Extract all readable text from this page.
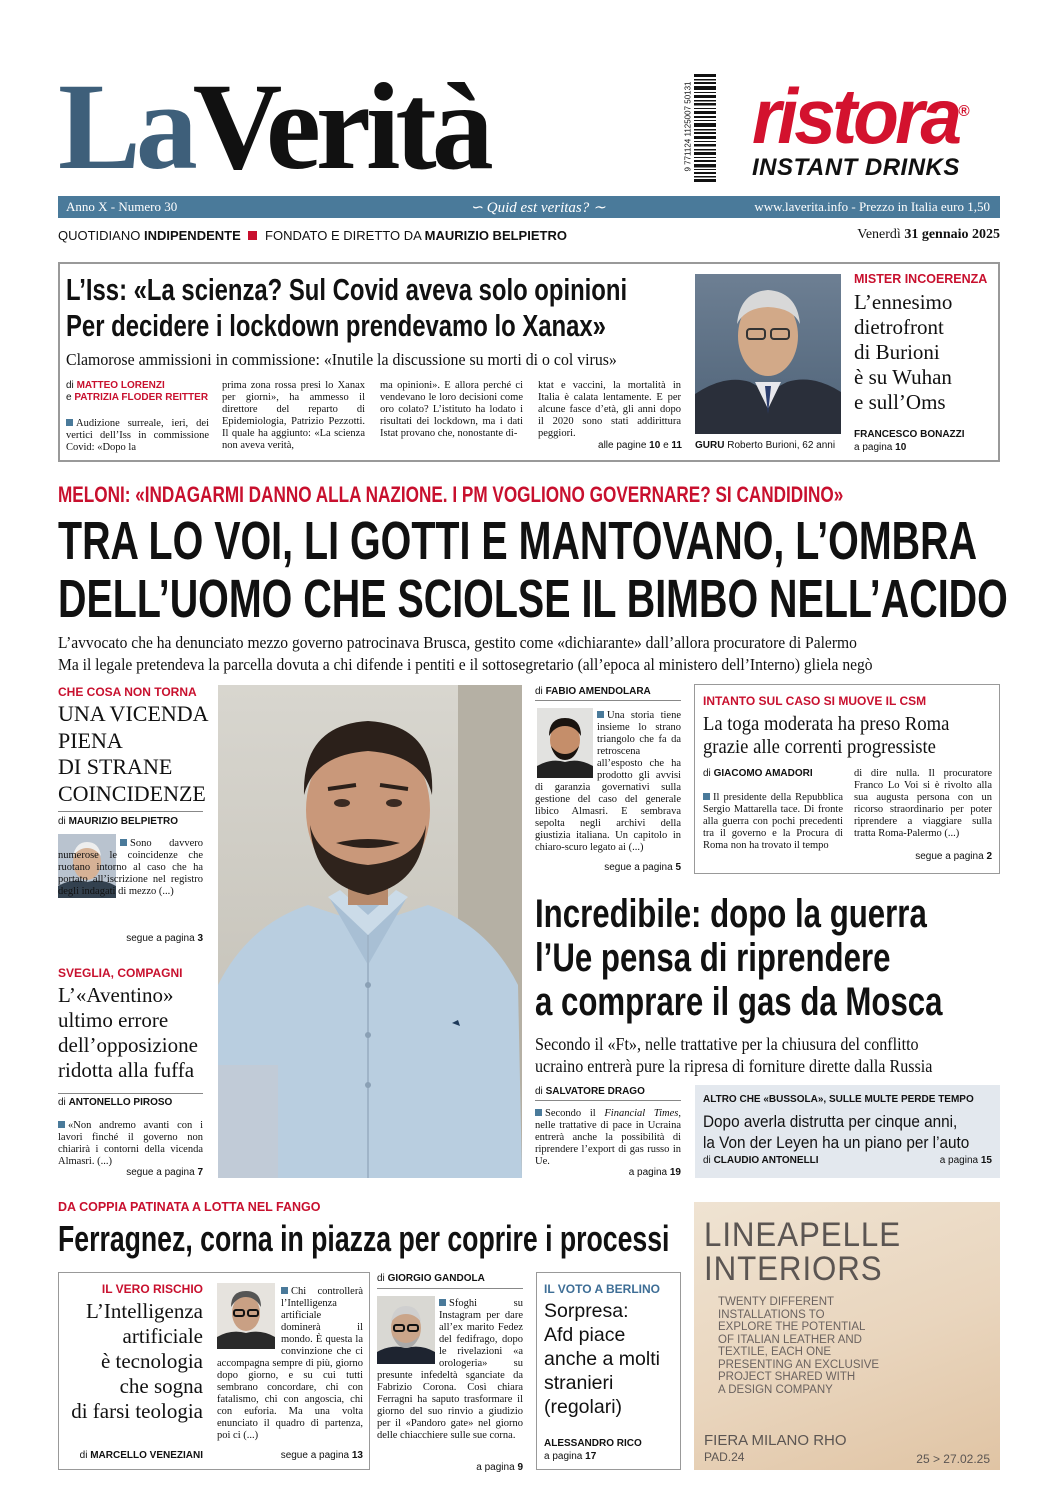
LaVerità	9 771124 1125007 50131 ristora®
INSTANT DRINKS
Anno X - Numero 30	∽ Quid est veritas? ∼	www.laverita.info - Prezzo in Italia euro 1,50
QUOTIDIANO INDIPENDENTE FONDATO E DIRETTO DA MAURIZIO BELPIETRO	Venerdì 31 gennaio 2025
L’Iss: «La scienza? Sul Covid aveva solo opinioni
Per decidere i lockdown prendevamo lo Xanax»
Clamorose ammissioni in commissione: «Inutile la discussione su morti di o col virus»
di MATTEO LORENZI
e PATRIZIA FLODER REITTER
Audizione surreale, ieri, dei vertici dell’Iss in commissione Covid: «Dopo la
prima zona rossa presi lo Xanax per giorni», ha ammesso il direttore del reparto di Epidemiologia, Patrizio Pezzotti. Il quale ha aggiunto: «La scienza non aveva verità,
ma opinioni». E allora perché ci vendevano le loro decisioni come oro colato? L’istituto ha lodato i risultati dei lockdown, ma i dati Istat provano che, nonostante di-
ktat e vaccini, la mortalità in Italia è calata lentamente. E per alcune fasce d’età, gli anni dopo il 2020 sono stati addirittura peggiori.
alle pagine 10 e 11 GURU Roberto Burioni, 62 anni
MISTER INCOERENZA
L’ennesimo
dietrofront
di Burioni
è su Wuhan
e sull’Oms
FRANCESCO BONAZZI
a pagina 10
MELONI: «INDAGARMI DANNO ALLA NAZIONE. I PM VOGLIONO GOVERNARE? SI CANDIDINO»
TRA LO VOI, LI GOTTI E MANTOVANO, L’OMBRA
DELL’UOMO CHE SCIOLSE IL BIMBO NELL’ACIDO
L’avvocato che ha denunciato mezzo governo patrocinava Brusca, gestito come «dichiarante» dall’allora procuratore di Palermo
Ma il legale pretendeva la parcella dovuta a chi difende i pentiti e il sottosegretario (all’epoca al ministero dell’Interno) gliela negò
CHE COSA NON TORNA
UNA VICENDA
PIENA
DI STRANE
COINCIDENZE
di MAURIZIO BELPIETRO
Sono davvero numerose le coincidenze che ruotano intorno al caso che ha portato all’iscrizione nel registro degli indagati di mezzo (...)
segue a pagina 3
SVEGLIA, COMPAGNI
L’«Aventino»
ultimo errore
dell’opposizione
ridotta alla fuffa
di ANTONELLO PIROSO
«Non andremo avanti con i lavori finché il governo non chiarirà i contorni della vicenda Almasri. (...)
segue a pagina 7
di FABIO AMENDOLARA
Una storia tiene insieme lo strano triangolo che fa da retroscena all’esposto che ha prodotto gli avvisi di garanzia governativi sulla gestione del caso del generale libico Almasri. E sembrava sepolta negli archivi della giustizia italiana. Un capitolo in chiaro-scuro legato ai (...)
segue a pagina 5
INTANTO SUL CASO SI MUOVE IL CSM
La toga moderata ha preso Roma
grazie alle correnti progressiste
di GIACOMO AMADORI
Il presidente della Repubblica Sergio Mattarella tace. Di fronte alla guerra con pochi precedenti tra il governo e la Procura di Roma non ha trovato il tempo
di dire nulla. Il procuratore Franco Lo Voi si è rivolto alla sua augusta persona con un ricorso straordinario per poter riprendere a viaggiare sulla tratta Roma-Palermo (...)
segue a pagina 2
Incredibile: dopo la guerra
l’Ue pensa di riprendere
a comprare il gas da Mosca
Secondo il «Ft», nelle trattative per la chiusura del conflitto
ucraino entrerà pure la ripresa di forniture dirette dalla Russia
di SALVATORE DRAGO
Secondo il Financial Times, nelle trattative di pace in Ucraina entrerà anche la possibilità di riprendere l’export di gas russo in Ue.
a pagina 19
ALTRO CHE «BUSSOLA», SULLE MULTE PERDE TEMPO
Dopo averla distrutta per cinque anni,
la Von der Leyen ha un piano per l’auto
di CLAUDIO ANTONELLI	a pagina 15
DA COPPIA PATINATA A LOTTA NEL FANGO
Ferragnez, corna in piazza per coprire i processi
IL VERO RISCHIO
L’Intelligenza
artificiale
è tecnologia
che sogna
di farsi teologia
di MARCELLO VENEZIANI
Chi controllerà l’Intelligenza artificiale dominerà il mondo. È questa la convinzione che ci accompagna sempre di più, giorno dopo giorno, e su cui tutti sembrano concordare, chi con fatalismo, chi con angoscia, chi con euforia. Ma una volta enunciato il quadro di partenza, poi ci (...)
segue a pagina 13
di GIORGIO GANDOLA
Sfoghi su Instagram per dare all’ex marito Fedez del fedifrago, dopo le rivelazioni «a orologeria» su presunte infedeltà sganciate da Fabrizio Corona. Così chiara Ferragni ha saputo trasformare il giorno del suo rinvio a giudizio per il «Pandoro gate» nel giorno delle chiacchiere sulle sue corna.
a pagina 9
IL VOTO A BERLINO
Sorpresa:
Afd piace
anche a molti
stranieri
(regolari)
ALESSANDRO RICO
a pagina 17
LINEAPELLE
INTERIORS
TWENTY DIFFERENT
INSTALLATIONS TO
EXPLORE THE POTENTIAL
OF ITALIAN LEATHER AND
TEXTILE, EACH ONE
PRESENTING AN EXCLUSIVE
PROJECT SHARED WITH
A DESIGN COMPANY
FIERA MILANO RHO
PAD.24	25 > 27.02.25
